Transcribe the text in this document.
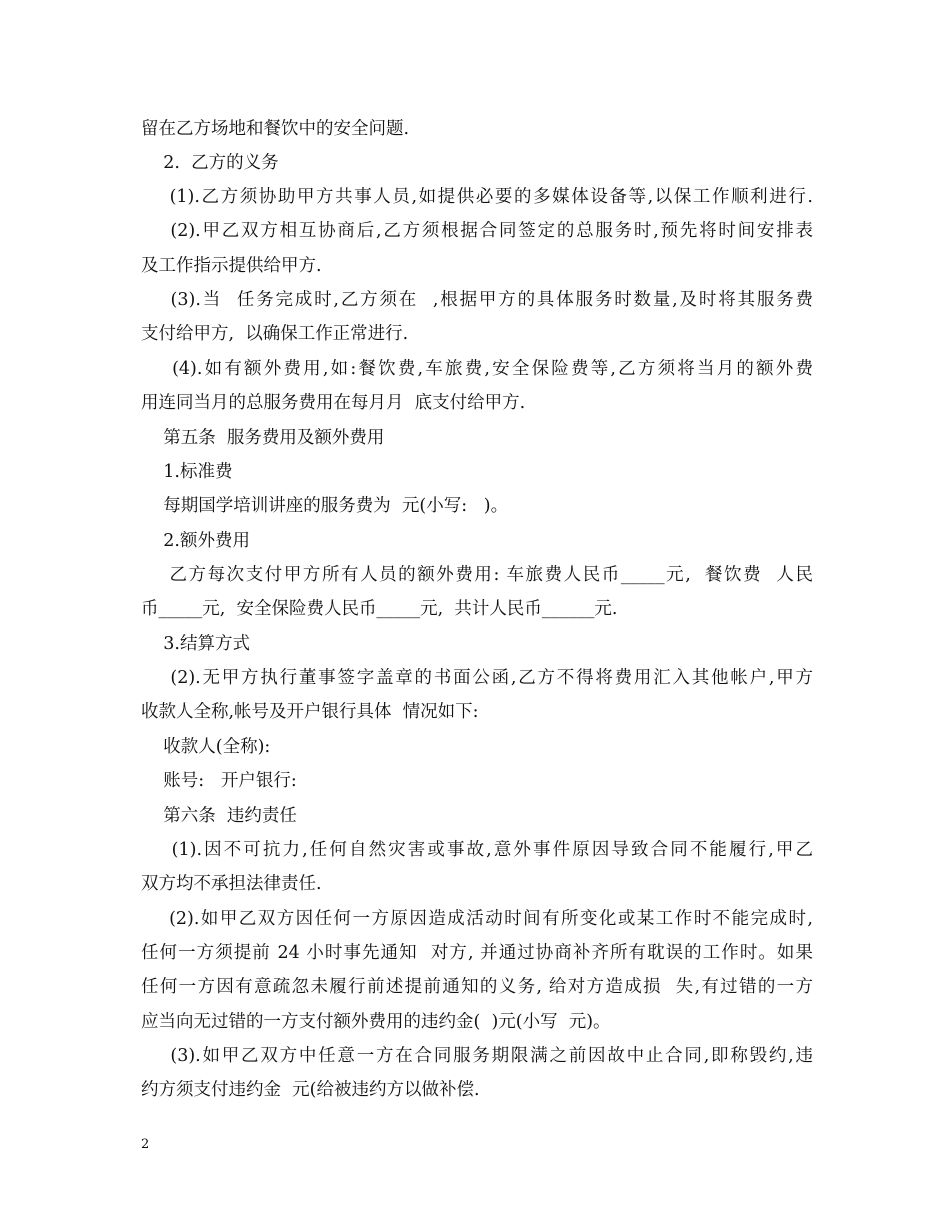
留在乙方场地和餐饮中的安全问题.
2.  乙方的义务
(1).乙方须协助甲方共事人员,如提供必要的多媒体设备等,以保工作顺利进行.
(2).甲乙双方相互协商后,乙方须根据合同签定的总服务时,预先将时间安排表
及工作指示提供给甲方.
(3).当  任务完成时,乙方须在  ,根据甲方的具体服务时数量,及时将其服务费
支付给甲方,  以确保工作正常进行.
(4).如有额外费用,如:餐饮费,车旅费,安全保险费等,乙方须将当月的额外费
用连同当月的总服务费用在每月月  底支付给甲方.
第五条  服务费用及额外费用
1.标准费
每期国学培训讲座的服务费为  元(小写:   )。
2.额外费用
乙方每次支付甲方所有人员的额外费用: 车旅费人民币_____元,  餐饮费  人民
币_____元,  安全保险费人民币_____元,  共计人民币______元.
3.结算方式
(2).无甲方执行董事签字盖章的书面公函,乙方不得将费用汇入其他帐户,甲方
收款人全称,帐号及开户银行具体  情况如下:
收款人(全称):
账号:   开户银行:
第六条  违约责任
(1).因不可抗力,任何自然灾害或事故,意外事件原因导致合同不能履行,甲乙
双方均不承担法律责任.
(2).如甲乙双方因任何一方原因造成活动时间有所变化或某工作时不能完成时,
任何一方须提前 24 小时事先通知  对方, 并通过协商补齐所有耽误的工作时。如果
任何一方因有意疏忽未履行前述提前通知的义务, 给对方造成损  失,有过错的一方
应当向无过错的一方支付额外费用的违约金(  )元(小写  元)。
(3).如甲乙双方中任意一方在合同服务期限满之前因故中止合同,即称毁约,违
约方须支付违约金  元(给被违约方以做补偿.
2
